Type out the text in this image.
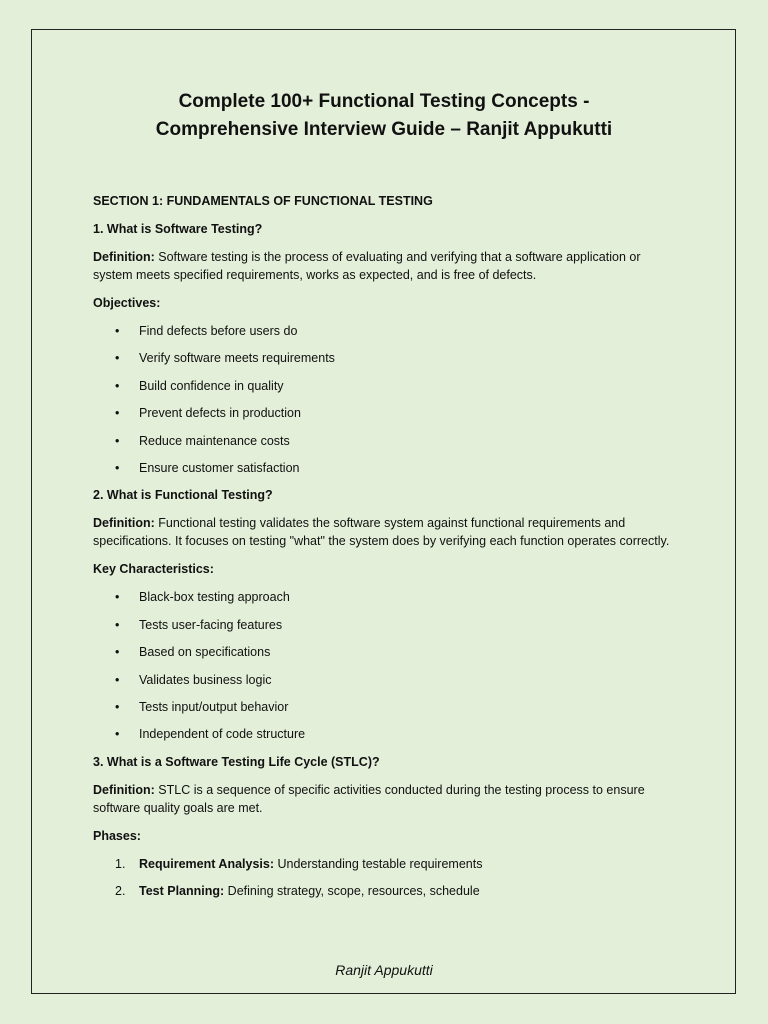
Complete 100+ Functional Testing Concepts -
Comprehensive Interview Guide – Ranjit Appukutti

SECTION 1: FUNDAMENTALS OF FUNCTIONAL TESTING

1. What is Software Testing?

Definition: Software testing is the process of evaluating and verifying that a software application or system meets specified requirements, works as expected, and is free of defects.

Objectives:

• Find defects before users do
• Verify software meets requirements
• Build confidence in quality
• Prevent defects in production
• Reduce maintenance costs
• Ensure customer satisfaction

2. What is Functional Testing?

Definition: Functional testing validates the software system against functional requirements and specifications. It focuses on testing "what" the system does by verifying each function operates correctly.

Key Characteristics:

• Black-box testing approach
• Tests user-facing features
• Based on specifications
• Validates business logic
• Tests input/output behavior
• Independent of code structure

3. What is a Software Testing Life Cycle (STLC)?

Definition: STLC is a sequence of specific activities conducted during the testing process to ensure software quality goals are met.

Phases:

1. Requirement Analysis: Understanding testable requirements
2. Test Planning: Defining strategy, scope, resources, schedule
Ranjit Appukutti
